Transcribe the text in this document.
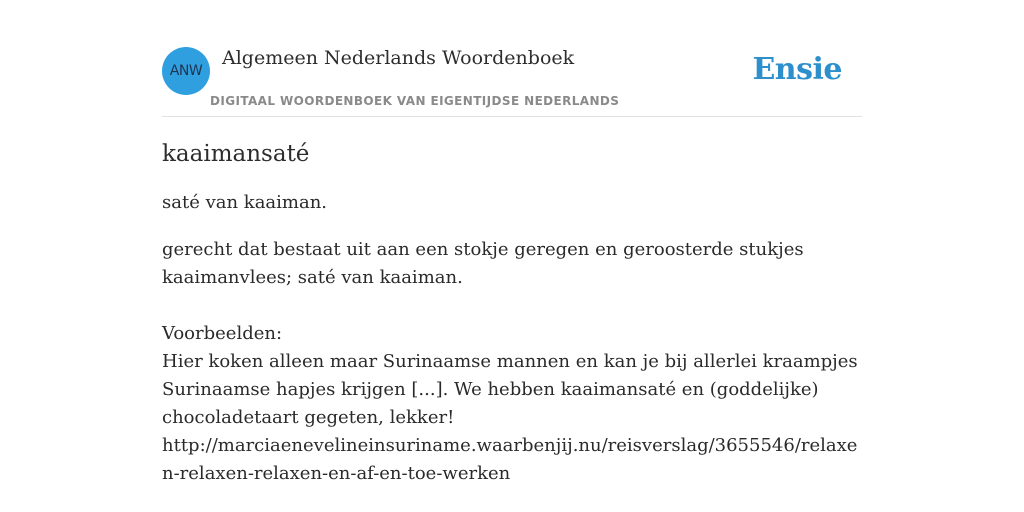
ANW
Algemeen Nederlands Woordenboek
DIGITAAL WOORDENBOEK VAN EIGENTIJDSE NEDERLANDS
Ensie
kaaimansaté

saté van kaaiman.

gerecht dat bestaat uit aan een stokje geregen en geroosterde stukjes kaaimanvlees; saté van kaaiman.

Voorbeelden:
Hier koken alleen maar Surinaamse mannen en kan je bij allerlei kraampjes Surinaamse hapjes krijgen [...]. We hebben kaaimansaté en (goddelijke) chocoladetaart gegeten, lekker!
http://marciaenevelineinsuriname.waarbenjij.nu/reisverslag/3655546/relaxen-relaxen-relaxen-en-af-en-toe-werken
